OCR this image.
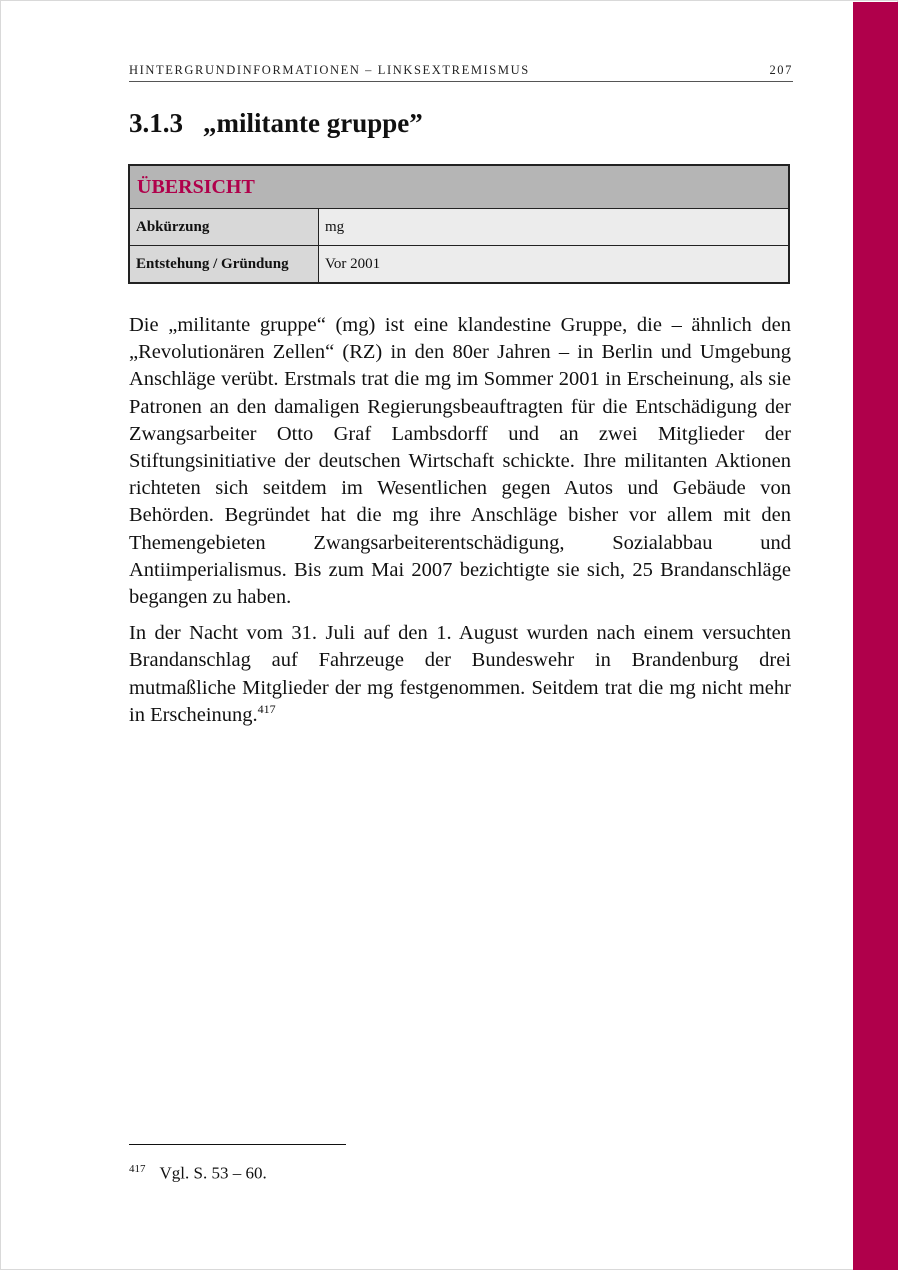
HINTERGRUNDINFORMATIONEN – LINKSEXTREMISMUS	207
3.1.3 „militante gruppe”
ÜBERSICHT	
Abkürzung	mg
Entstehung / Gründung	Vor 2001

Die „militante gruppe“ (mg) ist eine klandestine Gruppe, die – ähnlich den „Revolutionären Zellen“ (RZ) in den 80er Jahren – in Berlin und Umgebung Anschläge verübt. Erstmals trat die mg im Sommer 2001 in Erscheinung, als sie Patronen an den damaligen Regierungsbeauftragten für die Entschädigung der Zwangsarbeiter Otto Graf Lambsdorff und an zwei Mitglieder der Stiftungsinitiative der deutschen Wirtschaft schickte. Ihre militanten Aktionen richteten sich seitdem im Wesentlichen gegen Autos und Gebäude von Behörden. Begründet hat die mg ihre Anschläge bisher vor allem mit den Themengebieten Zwangsarbeiterentschädigung, Sozialabbau und Antiimperialismus. Bis zum Mai 2007 bezichtigte sie sich, 25 Brandanschläge begangen zu haben.

In der Nacht vom 31. Juli auf den 1. August wurden nach einem versuchten Brandanschlag auf Fahrzeuge der Bundeswehr in Brandenburg drei mutmaßliche Mitglieder der mg festgenommen. Seitdem trat die mg nicht mehr in Erscheinung.$^{417}$

$^{417}$ Vgl. S. 53 – 60.
